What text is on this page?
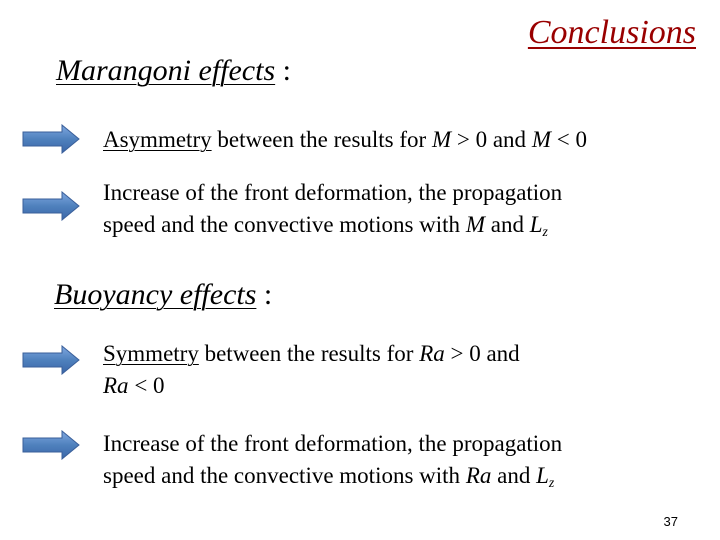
Conclusions
Marangoni effects :
Asymmetry between the results for M > 0 and M < 0
Increase of the front deformation, the propagation
speed and the convective motions with M and $L_z$
Buoyancy effects :
Symmetry between the results for Ra > 0 and
Ra < 0
Increase of the front deformation, the propagation
speed and the convective motions with Ra and $L_z$
37
